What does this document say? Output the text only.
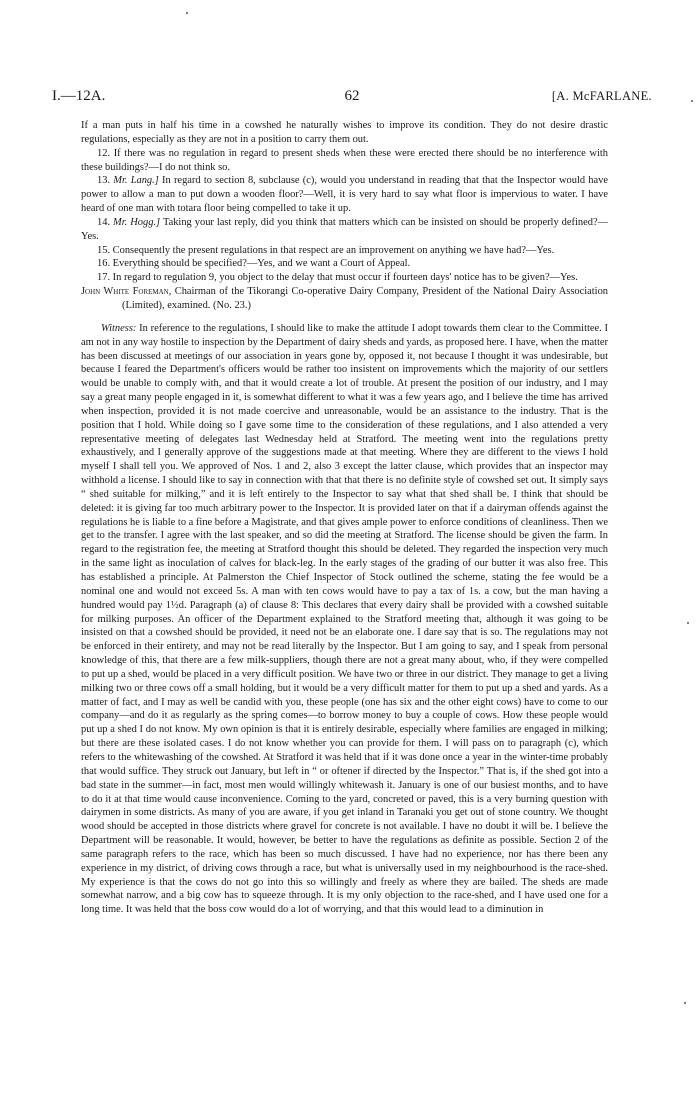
I.—12A.	62	[A. McFARLANE.

If a man puts in half his time in a cowshed he naturally wishes to improve its condition. They do not desire drastic regulations, especially as they are not in a position to carry them out.

12. If there was no regulation in regard to present sheds when these were erected there should be no interference with these buildings?—I do not think so.

13. Mr. Lang.] In regard to section 8, subclause (c), would you understand in reading that that the Inspector would have power to allow a man to put down a wooden floor?—Well, it is very hard to say what floor is impervious to water. I have heard of one man with totara floor being compelled to take it up.

14. Mr. Hogg.] Taking your last reply, did you think that matters which can be insisted on should be properly defined?—Yes.

15. Consequently the present regulations in that respect are an improvement on anything we have had?—Yes.

16. Everything should be specified?—Yes, and we want a Court of Appeal.

17. In regard to regulation 9, you object to the delay that must occur if fourteen days' notice has to be given?—Yes.

John White Foreman, Chairman of the Tikorangi Co-operative Dairy Company, President of the National Dairy Association (Limited), examined. (No. 23.)

Witness: In reference to the regulations, I should like to make the attitude I adopt towards them clear to the Committee. I am not in any way hostile to inspection by the Department of dairy sheds and yards, as proposed here. I have, when the matter has been discussed at meetings of our association in years gone by, opposed it, not because I thought it was undesirable, but because I feared the Department's officers would be rather too insistent on improvements which the majority of our settlers would be unable to comply with, and that it would create a lot of trouble. At present the position of our industry, and I may say a great many people engaged in it, is somewhat different to what it was a few years ago, and I believe the time has arrived when inspection, provided it is not made coercive and unreasonable, would be an assistance to the industry. That is the position that I hold. While doing so I gave some time to the consideration of these regulations, and I also attended a very representative meeting of delegates last Wednesday held at Stratford. The meeting went into the regulations pretty exhaustively, and I generally approve of the suggestions made at that meeting. Where they are different to the views I hold myself I shall tell you. We approved of Nos. 1 and 2, also 3 except the latter clause, which provides that an inspector may withhold a license. I should like to say in connection with that that there is no definite style of cowshed set out. It simply says “ shed suitable for milking,” and it is left entirely to the Inspector to say what that shed shall be. I think that should be deleted: it is giving far too much arbitrary power to the Inspector. It is provided later on that if a dairyman offends against the regulations he is liable to a fine before a Magistrate, and that gives ample power to enforce conditions of cleanliness. Then we get to the transfer. I agree with the last speaker, and so did the meeting at Stratford. The license should be given the farm. In regard to the registration fee, the meeting at Stratford thought this should be deleted. They regarded the inspection very much in the same light as inoculation of calves for black-leg. In the early stages of the grading of our butter it was also free. This has established a principle. At Palmerston the Chief Inspector of Stock outlined the scheme, stating the fee would be a nominal one and would not exceed 5s. A man with ten cows would have to pay a tax of 1s. a cow, but the man having a hundred would pay 1½d. Paragraph (a) of clause 8: This declares that every dairy shall be provided with a cowshed suitable for milking purposes. An officer of the Department explained to the Stratford meeting that, although it was going to be insisted on that a cowshed should be provided, it need not be an elaborate one. I dare say that is so. The regulations may not be enforced in their entirety, and may not be read literally by the Inspector. But I am going to say, and I speak from personal knowledge of this, that there are a few milk-suppliers, though there are not a great many about, who, if they were compelled to put up a shed, would be placed in a very difficult position. We have two or three in our district. They manage to get a living milking two or three cows off a small holding, but it would be a very difficult matter for them to put up a shed and yards. As a matter of fact, and I may as well be candid with you, these people (one has six and the other eight cows) have to come to our company—and do it as regularly as the spring comes—to borrow money to buy a couple of cows. How these people would put up a shed I do not know. My own opinion is that it is entirely desirable, especially where families are engaged in milking; but there are these isolated cases. I do not know whether you can provide for them. I will pass on to paragraph (c), which refers to the whitewashing of the cowshed. At Stratford it was held that if it was done once a year in the winter-time probably that would suffice. They struck out January, but left in “ or oftener if directed by the Inspector.” That is, if the shed got into a bad state in the summer—in fact, most men would willingly whitewash it. January is one of our busiest months, and to have to do it at that time would cause inconvenience. Coming to the yard, concreted or paved, this is a very burning question with dairymen in some districts. As many of you are aware, if you get inland in Taranaki you get out of stone country. We thought wood should be accepted in those districts where gravel for concrete is not available. I have no doubt it will be. I believe the Department will be reasonable. It would, however, be better to have the regulations as definite as possible. Section 2 of the same paragraph refers to the race, which has been so much discussed. I have had no experience, nor has there been any experience in my district, of driving cows through a race, but what is universally used in my neighbourhood is the race-shed. My experience is that the cows do not go into this so willingly and freely as where they are bailed. The sheds are made somewhat narrow, and a big cow has to squeeze through. It is my only objection to the race-shed, and I have used one for a long time. It was held that the boss cow would do a lot of worrying, and that this would lead to a diminution in
